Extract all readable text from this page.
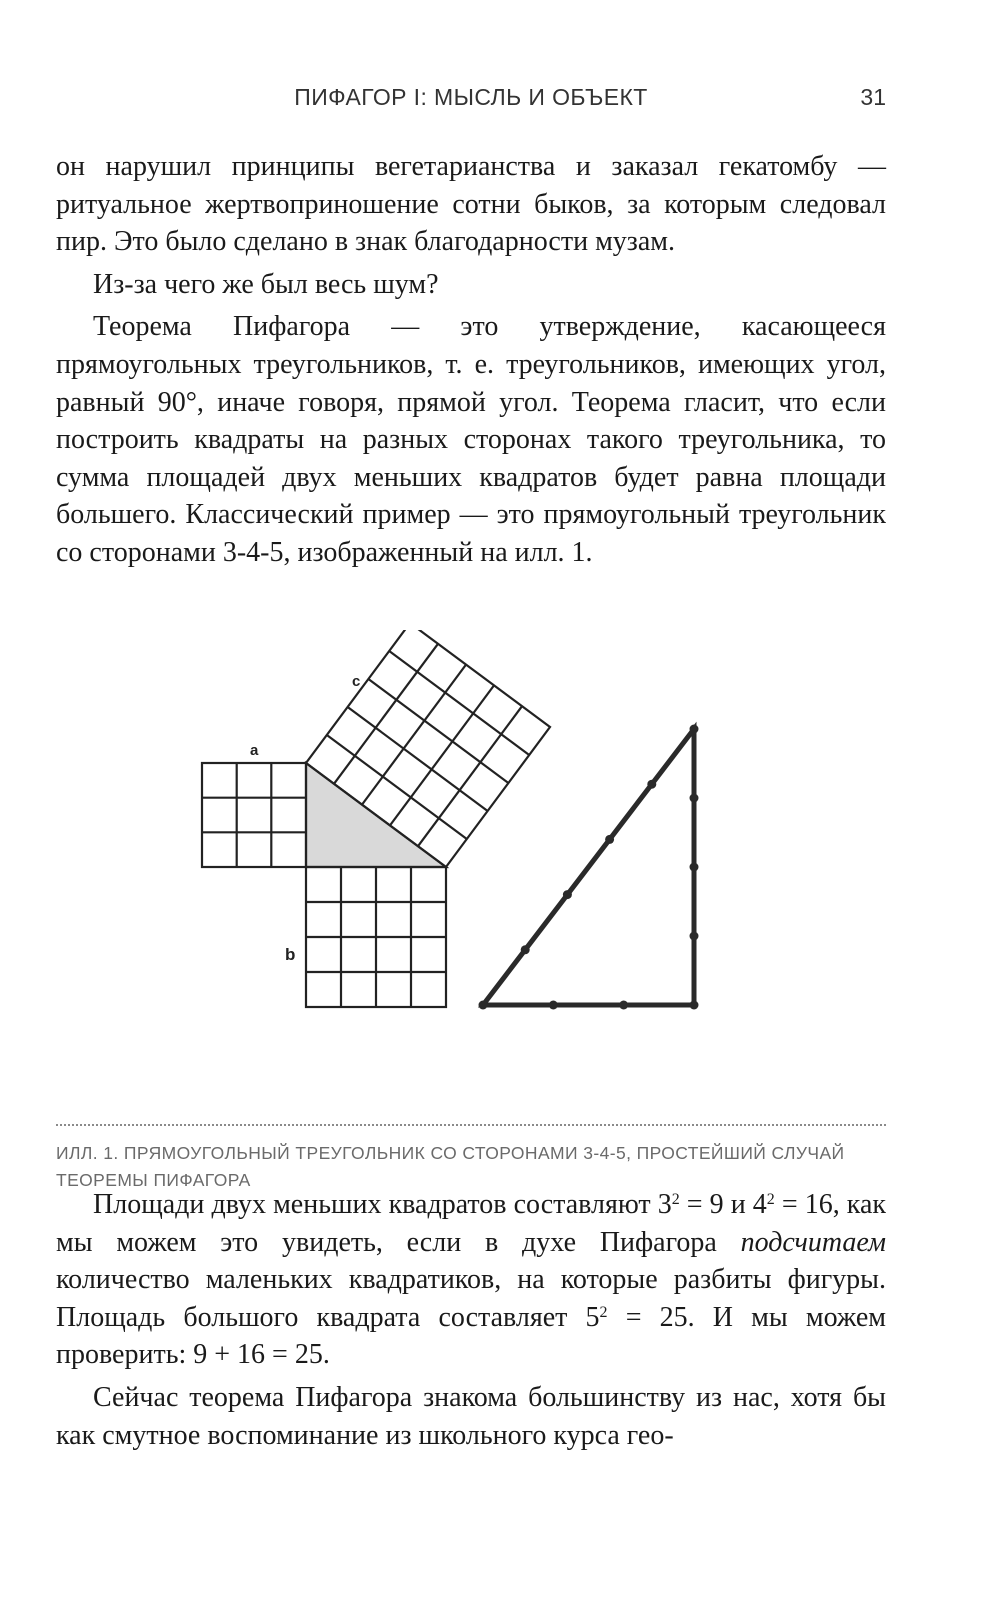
ПИФАГОР I: МЫСЛЬ И ОБЪЕКТ	31

он нарушил принципы вегетарианства и заказал гекатомбу — ритуальное жертвоприношение сотни быков, за которым следовал пир. Это было сделано в знак благодарности музам.

Из-за чего же был весь шум?

Теорема Пифагора — это утверждение, касающееся прямоугольных треугольников, т. е. треугольников, имеющих угол, равный 90°, иначе говоря, прямой угол. Теорема гласит, что если построить квадраты на разных сторонах такого треугольника, то сумма площадей двух меньших квадратов будет равна площади большего. Классический пример — это прямоугольный треугольник со сторонами 3-4-5, изображенный на илл. 1.

a
b
c
ИЛЛ. 1. ПРЯМОУГОЛЬНЫЙ ТРЕУГОЛЬНИК СО СТОРОНАМИ 3-4-5, ПРОСТЕЙШИЙ СЛУЧАЙ
ТЕОРЕМЫ ПИФАГОРА

Площади двух меньших квадратов составляют $3^2 = 9$ и $4^2 = 16$, как мы можем это увидеть, если в духе Пифагора подсчитаем количество маленьких квадратиков, на которые разбиты фигуры. Площадь большого квадрата составляет $5^2 = 25$. И мы можем проверить: 9 + 16 = 25.

Сейчас теорема Пифагора знакома большинству из нас, хотя бы как смутное воспоминание из школьного курса гео-
